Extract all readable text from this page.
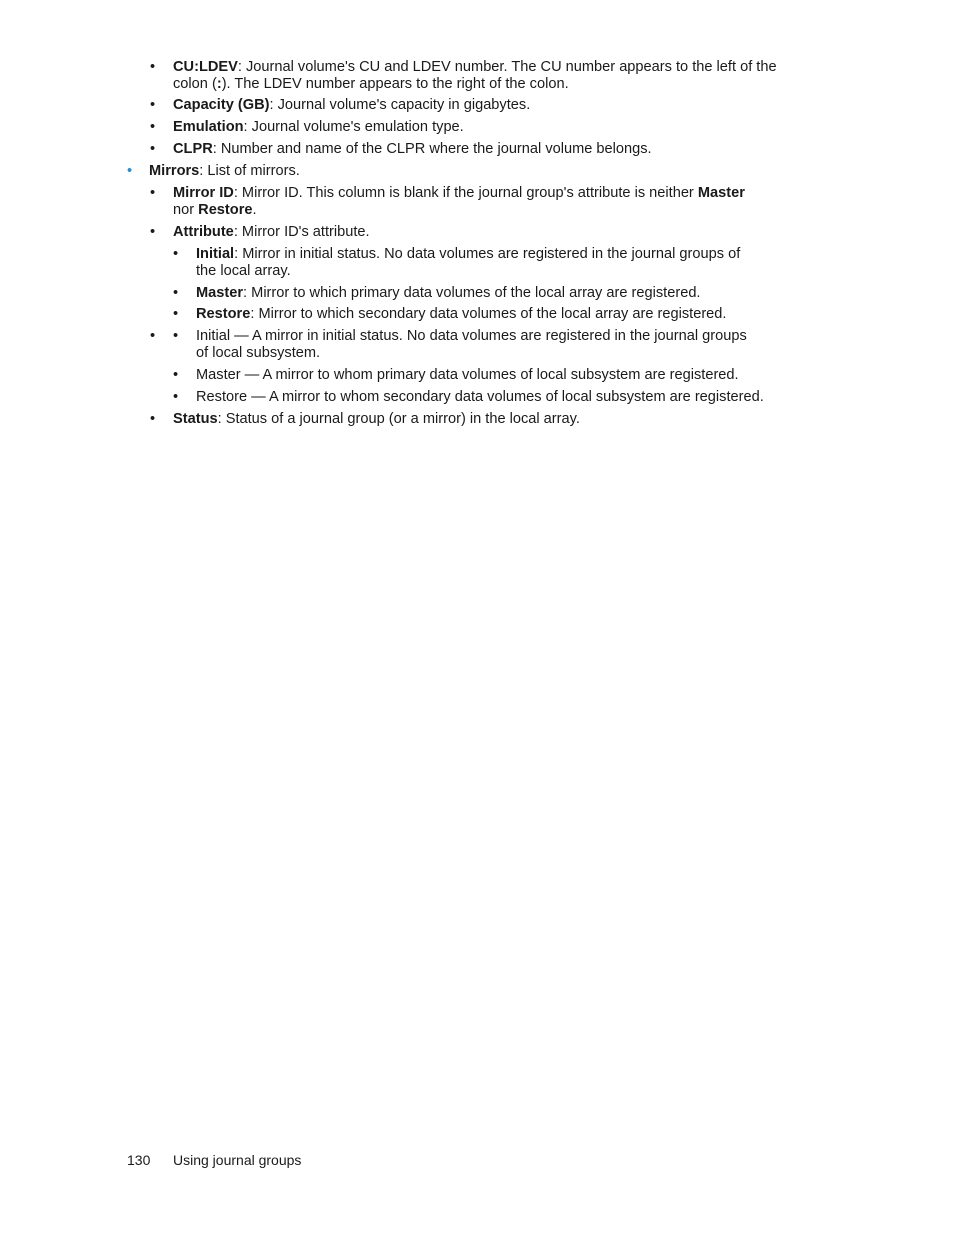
•	CU:LDEV: Journal volume's CU and LDEV number. The CU number appears to the left of the
colon (:). The LDEV number appears to the right of the colon.
•	Capacity (GB): Journal volume's capacity in gigabytes.
•	Emulation: Journal volume's emulation type.
•	CLPR: Number and name of the CLPR where the journal volume belongs.
•	Mirrors: List of mirrors.
•	Mirror ID: Mirror ID. This column is blank if the journal group's attribute is neither Master
nor Restore.
•	Attribute: Mirror ID's attribute.
•	Initial: Mirror in initial status. No data volumes are registered in the journal groups of
the local array.
•	Master: Mirror to which primary data volumes of the local array are registered.
•	Restore: Mirror to which secondary data volumes of the local array are registered.
•	•	Initial — A mirror in initial status. No data volumes are registered in the journal groups
of local subsystem.
•	Master — A mirror to whom primary data volumes of local subsystem are registered.
•	Restore — A mirror to whom secondary data volumes of local subsystem are registered.
•	Status: Status of a journal group (or a mirror) in the local array.
130 Using journal groups
